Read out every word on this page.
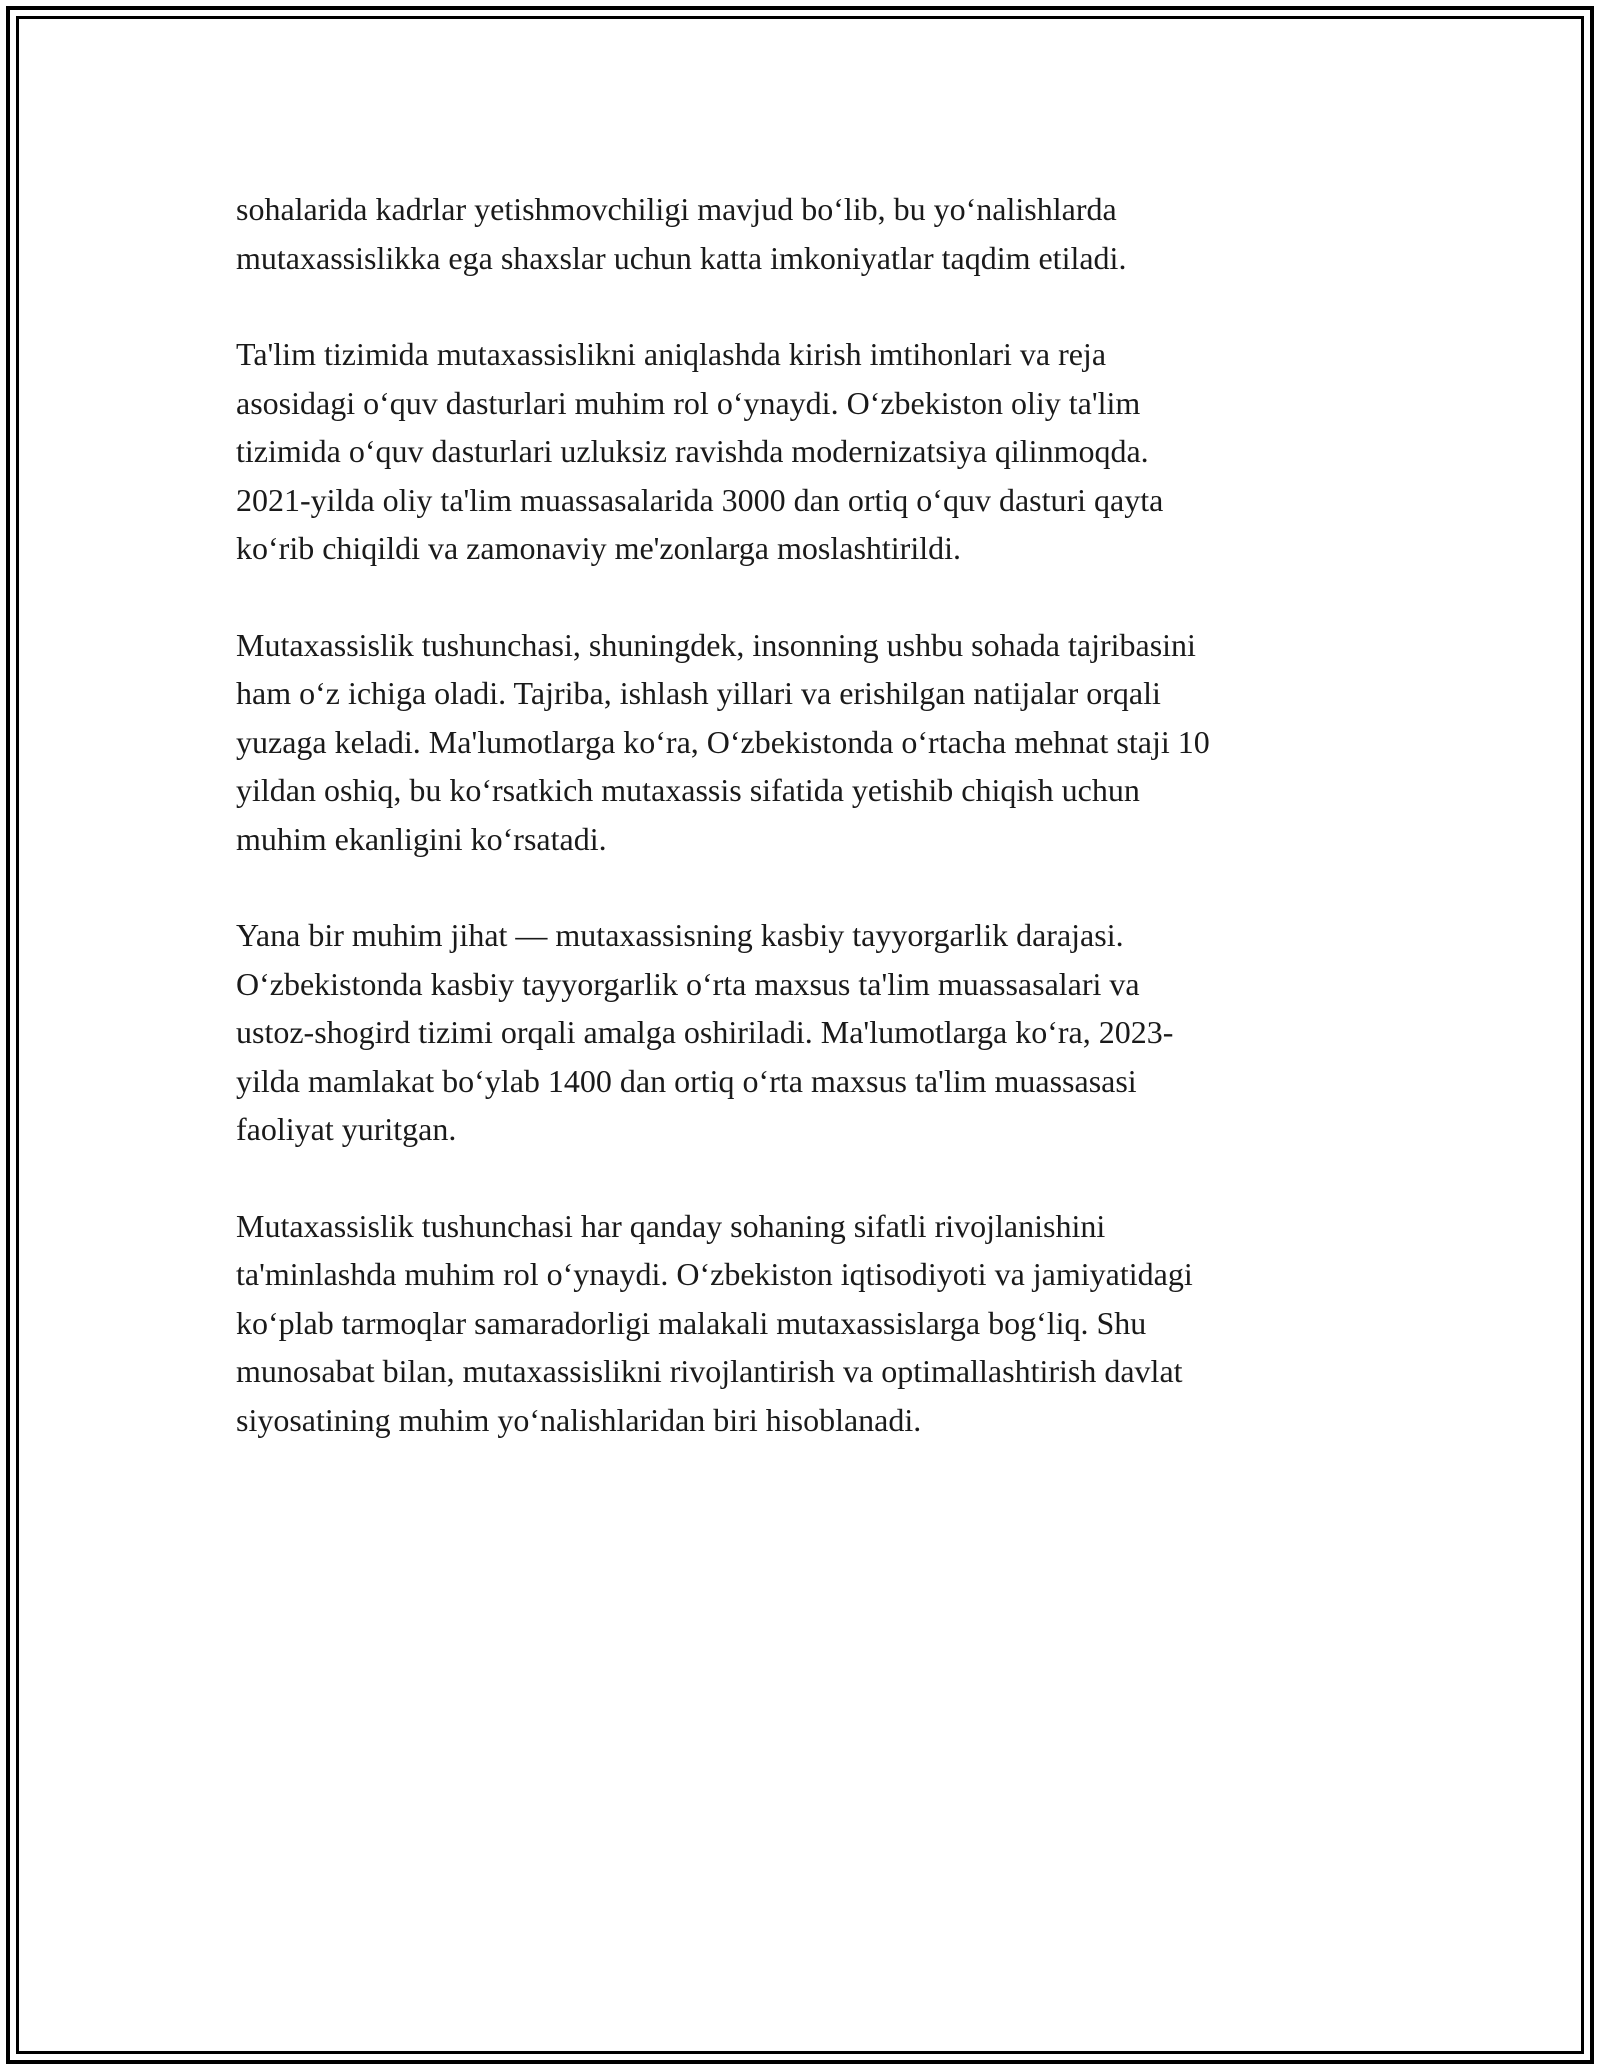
sohalarida kadrlar yetishmovchiligi mavjud bo‘lib, bu yo‘nalishlarda
mutaxassislikka ega shaxslar uchun katta imkoniyatlar taqdim etiladi.

Ta'lim tizimida mutaxassislikni aniqlashda kirish imtihonlari va reja
asosidagi o‘quv dasturlari muhim rol o‘ynaydi. O‘zbekiston oliy ta'lim
tizimida o‘quv dasturlari uzluksiz ravishda modernizatsiya qilinmoqda.
2021-yilda oliy ta'lim muassasalarida 3000 dan ortiq o‘quv dasturi qayta
ko‘rib chiqildi va zamonaviy me'zonlarga moslashtirildi.

Mutaxassislik tushunchasi, shuningdek, insonning ushbu sohada tajribasini
ham o‘z ichiga oladi. Tajriba, ishlash yillari va erishilgan natijalar orqali
yuzaga keladi. Ma'lumotlarga ko‘ra, O‘zbekistonda o‘rtacha mehnat staji 10
yildan oshiq, bu ko‘rsatkich mutaxassis sifatida yetishib chiqish uchun
muhim ekanligini ko‘rsatadi.

Yana bir muhim jihat — mutaxassisning kasbiy tayyorgarlik darajasi.
O‘zbekistonda kasbiy tayyorgarlik o‘rta maxsus ta'lim muassasalari va
ustoz-shogird tizimi orqali amalga oshiriladi. Ma'lumotlarga ko‘ra, 2023-
yilda mamlakat bo‘ylab 1400 dan ortiq o‘rta maxsus ta'lim muassasasi
faoliyat yuritgan.

Mutaxassislik tushunchasi har qanday sohaning sifatli rivojlanishini
ta'minlashda muhim rol o‘ynaydi. O‘zbekiston iqtisodiyoti va jamiyatidagi
ko‘plab tarmoqlar samaradorligi malakali mutaxassislarga bog‘liq. Shu
munosabat bilan, mutaxassislikni rivojlantirish va optimallashtirish davlat
siyosatining muhim yo‘nalishlaridan biri hisoblanadi.
